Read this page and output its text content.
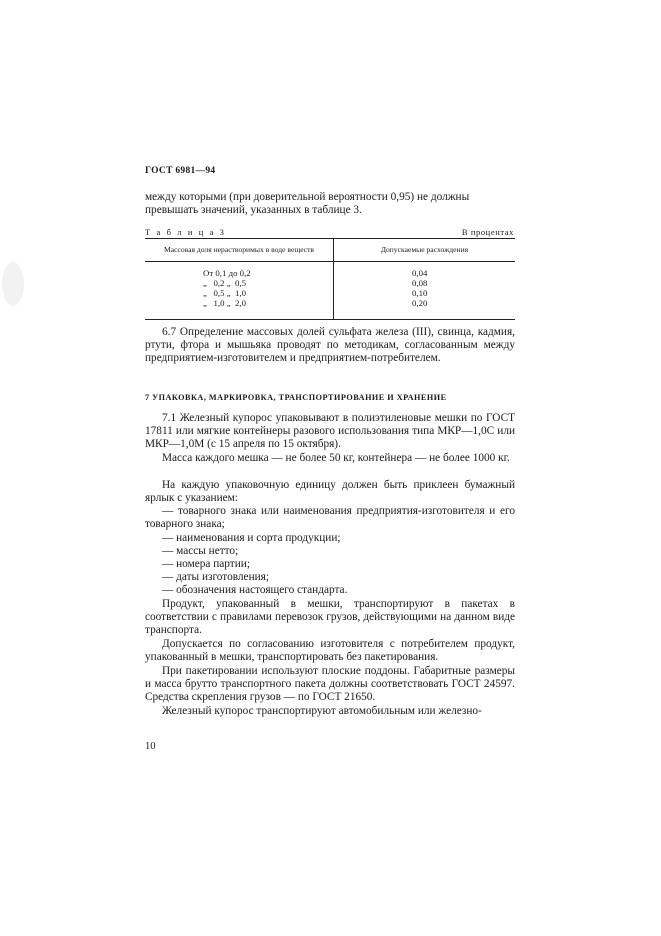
ГОСТ 6981—94
между которыми (при доверительной вероятности 0,95) не должны
превышать значений, указанных в таблице 3.
Т а б л и ц а 3	В процентах
Массовая доля нерастворимых в воде веществ	Допускаемые расхождения
От 0,1 до 0,2
„   0,2 „  0,5
„   0,5 „  1,0
„   1,0 „  2,0
0,04
0,08
0,10
0,20
6.7 Определение массовых долей сульфата железа (III), свинца, кадмия, ртути, фтора и мышьяка проводят по методикам, согласованным между предприятием-изготовителем и предприятием-потребителем.
7 УПАКОВКА, МАРКИРОВКА, ТРАНСПОРТИРОВАНИЕ И ХРАНЕНИЕ
7.1 Железный купорос упаковывают в полиэтиленовые мешки по ГОСТ 17811 или мягкие контейнеры разового использования типа МКР—1,0С или МКР—1,0М (с 15 апреля по 15 октября).
Масса каждого мешка — не более 50 кг, контейнера — не более 1000 кг.
На каждую упаковочную единицу должен быть приклеен бумажный ярлык с указанием:
— товарного знака или наименования предприятия-изготовителя и его товарного знака;
— наименования и сорта продукции;
— массы нетто;
— номера партии;
— даты изготовления;
— обозначения настоящего стандарта.
Продукт, упакованный в мешки, транспортируют в пакетах в соответствии с правилами перевозок грузов, действующими на данном виде транспорта.
Допускается по согласованию изготовителя с потребителем продукт, упакованный в мешки, транспортировать без пакетирования.
При пакетировании используют плоские поддоны. Габаритные размеры и масса брутто транспортного пакета должны соответствовать ГОСТ 24597. Средства скрепления грузов — по ГОСТ 21650.
Железный купорос транспортируют автомобильным или железно-
10
